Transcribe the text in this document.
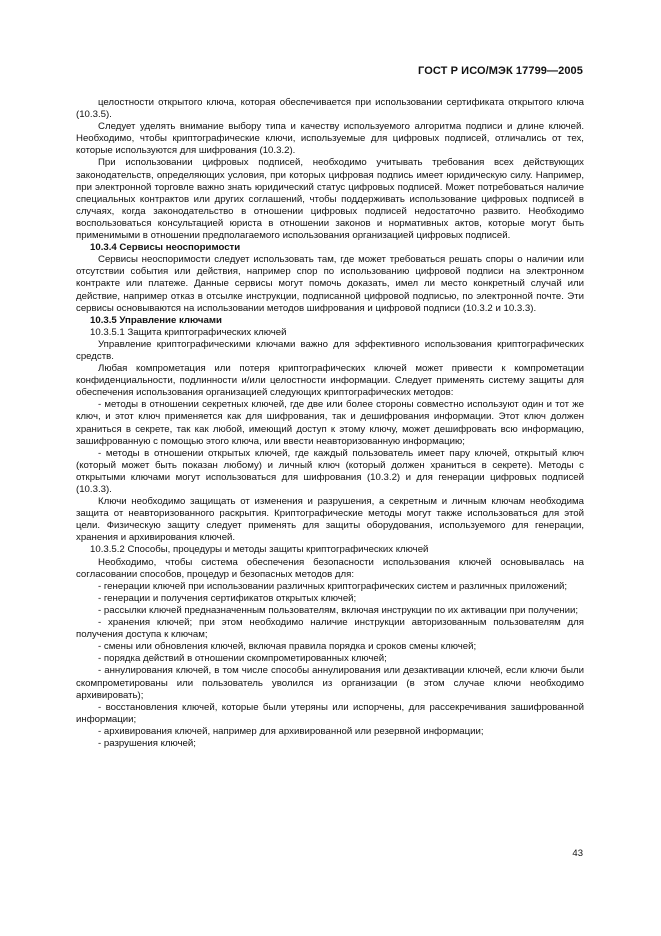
ГОСТ Р ИСО/МЭК 17799—2005

целостности открытого ключа, которая обеспечивается при использовании сертификата открытого ключа (10.3.5).

Следует уделять внимание выбору типа и качеству используемого алгоритма подписи и длине ключей. Необходимо, чтобы криптографические ключи, используемые для цифровых подписей, отличались от тех, которые используются для шифрования (10.3.2).

При использовании цифровых подписей, необходимо учитывать требования всех действующих законодательств, определяющих условия, при которых цифровая подпись имеет юридическую силу. Например, при электронной торговле важно знать юридический статус цифровых подписей. Может потребоваться наличие специальных контрактов или других соглашений, чтобы поддерживать использование цифровых подписей в случаях, когда законодательство в отношении цифровых подписей недостаточно развито. Необходимо воспользоваться консультацией юриста в отношении законов и нормативных актов, которые могут быть применимыми в отношении предполагаемого использования организацией цифровых подписей.

10.3.4 Сервисы неоспоримости

Сервисы неоспоримости следует использовать там, где может требоваться решать споры о наличии или отсутствии события или действия, например спор по использованию цифровой подписи на электронном контракте или платеже. Данные сервисы могут помочь доказать, имел ли место конкретный случай или действие, например отказ в отсылке инструкции, подписанной цифровой подписью, по электронной почте. Эти сервисы основываются на использовании методов шифрования и цифровой подписи (10.3.2 и 10.3.3).

10.3.5 Управление ключами

10.3.5.1 Защита криптографических ключей

Управление криптографическими ключами важно для эффективного использования криптографических средств.

Любая компрометация или потеря криптографических ключей может привести к компрометации конфиденциальности, подлинности и/или целостности информации. Следует применять систему защиты для обеспечения использования организацией следующих криптографических методов:

- методы в отношении секретных ключей, где две или более стороны совместно используют один и тот же ключ, и этот ключ применяется как для шифрования, так и дешифрования информации. Этот ключ должен храниться в секрете, так как любой, имеющий доступ к этому ключу, может дешифровать всю информацию, зашифрованную с помощью этого ключа, или ввести неавторизованную информацию;

- методы в отношении открытых ключей, где каждый пользователь имеет пару ключей, открытый ключ (который может быть показан любому) и личный ключ (который должен храниться в секрете). Методы с открытыми ключами могут использоваться для шифрования (10.3.2) и для генерации цифровых подписей (10.3.3).

Ключи необходимо защищать от изменения и разрушения, а секретным и личным ключам необходима защита от неавторизованного раскрытия. Криптографические методы могут также использоваться для этой цели. Физическую защиту следует применять для защиты оборудования, используемого для генерации, хранения и архивирования ключей.

10.3.5.2 Способы, процедуры и методы защиты криптографических ключей

Необходимо, чтобы система обеспечения безопасности использования ключей основывалась на согласовании способов, процедур и безопасных методов для:

- генерации ключей при использовании различных криптографических систем и различных приложений;

- генерации и получения сертификатов открытых ключей;

- рассылки ключей предназначенным пользователям, включая инструкции по их активации при получении;

- хранения ключей; при этом необходимо наличие инструкции авторизованным пользователям для получения доступа к ключам;

- смены или обновления ключей, включая правила порядка и сроков смены ключей;

- порядка действий в отношении скомпрометированных ключей;

- аннулирования ключей, в том числе способы аннулирования или дезактивации ключей, если ключи были скомпрометированы или пользователь уволился из организации (в этом случае ключи необходимо архивировать);

- восстановления ключей, которые были утеряны или испорчены, для рассекречивания зашифрованной информации;

- архивирования ключей, например для архивированной или резервной информации;

- разрушения ключей;

43
